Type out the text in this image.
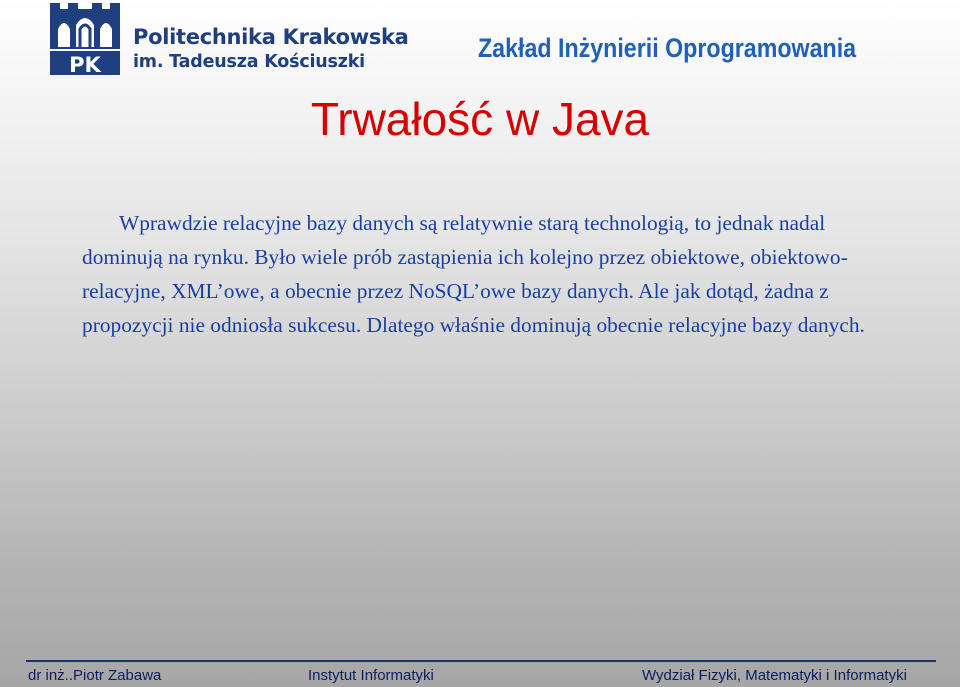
PK
Politechnika Krakowska
im. Tadeusza Kościuszki	Zakład Inżynierii Oprogramowania
Trwałość w Java

Wprawdzie relacyjne bazy danych są relatywnie starą technologią, to jednak nadal dominują na rynku. Było wiele prób zastąpienia ich kolejno przez obiektowe, obiektowo-relacyjne, XML’owe, a obecnie przez NoSQL’owe bazy danych. Ale jak dotąd, żadna z propozycji nie odniosła sukcesu. Dlatego właśnie dominują obecnie relacyjne bazy danych.

dr inż..Piotr Zabawa	Instytut Informatyki	Wydział Fizyki, Matematyki i Informatyki
